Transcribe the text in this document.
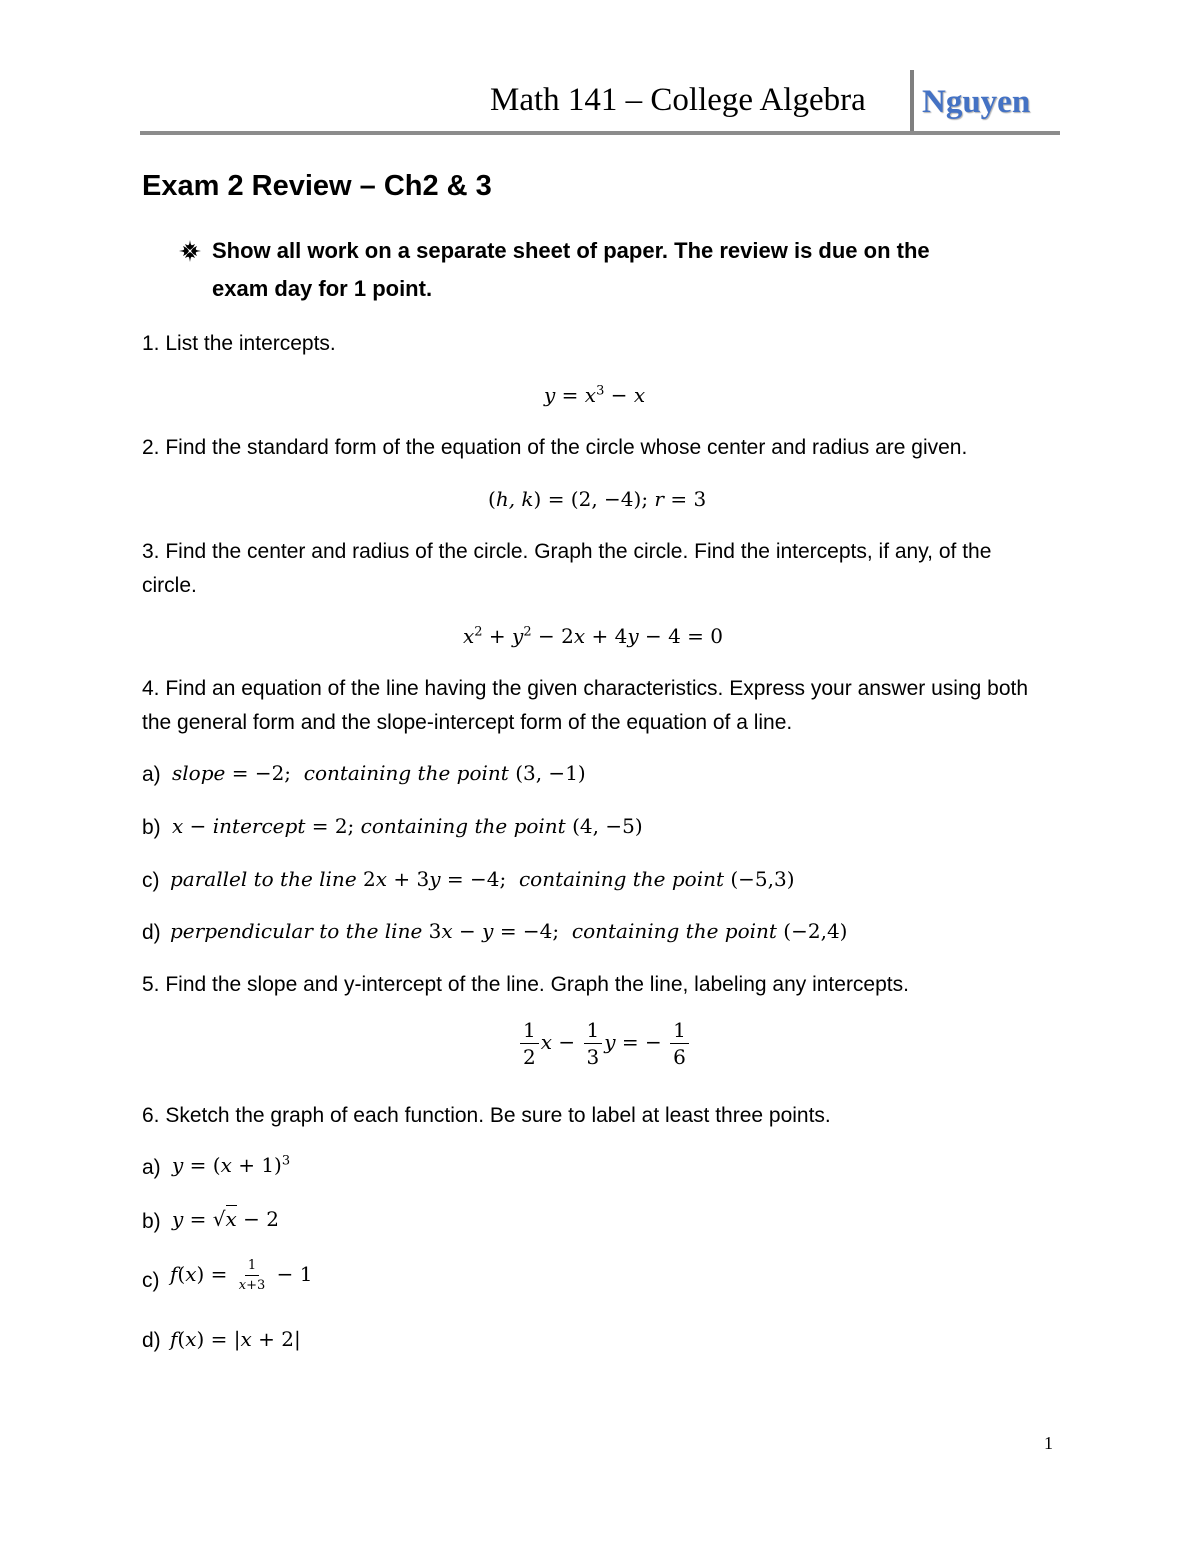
Math 141 – College Algebra Nguyen
Exam 2 Review – Ch2 & 3
Show all work on a separate sheet of paper. The review is due on the
exam day for 1 point.
1. List the intercepts.
$y = x^3 - x$
2. Find the standard form of the equation of the circle whose center and radius are given.
(h, k) = (2, −4); r = 3
3. Find the center and radius of the circle. Graph the circle. Find the intercepts, if any, of the
circle.
$x^2 + y^2 - 2x + 4y - 4 = 0$
4. Find an equation of the line having the given characteristics. Express your answer using both
the general form and the slope-intercept form of the equation of a line.
a) slope = −2;  containing the point (3, −1)
b) x − intercept = 2; containing the point (4, −5)
c) parallel to the line 2x + 3y = −4;  containing the point (−5,3)
d) perpendicular to the line 3x − y = −4;  containing the point (−2,4)
5. Find the slope and y-intercept of the line. Graph the line, labeling any intercepts.
$\frac{1}{2}$ $x - \frac{1}{3}$ y = − $\frac{1}{6}$
6. Sketch the graph of each function. Be sure to label at least three points.
a) $y = (x + 1)^3$
b) y = √x − 2
c) $f(x) = \frac{1}{x+3} - 1$
d) f(x) = |x + 2|
1
